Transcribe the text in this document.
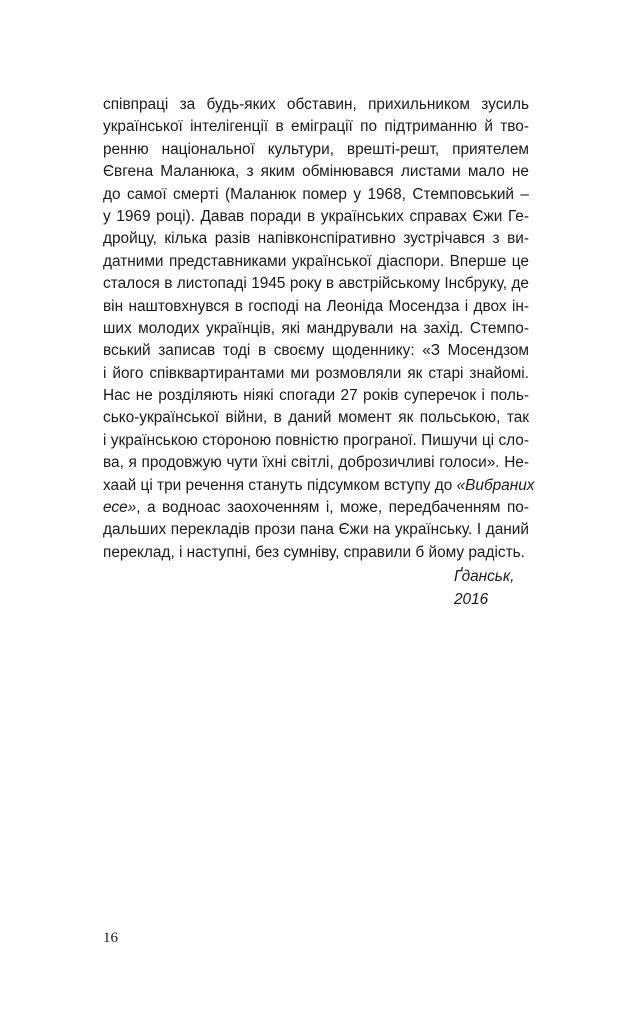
співпраці за будь-яких обставин, прихильником зусиль
української інтелігенції в еміграції по підтриманню й тво-
ренню національної культури, врешті-решт, приятелем
Євгена Маланюка, з яким обмінювався листами мало не
до самої смерті (Маланюк помер у 1968, Стемповський –
у 1969 році). Давав поради в українських справах Єжи Ге-
дройцу, кілька разів напівконспіративно зустрічався з ви-
датними представниками української діаспори. Вперше це
сталося в листопаді 1945 року в австрійському Інсбруку, де
він наштовхнувся в господі на Леоніда Мосендза і двох ін-
ших молодих українців, які мандрували на захід. Стемпо-
вський записав тоді в своєму щоденнику: «З Мосендзом
і його співквартирантами ми розмовляли як старі знайомі.
Нас не розділяють ніякі спогади 27 років суперечок і поль-
сько-української війни, в даний момент як польською, так
і українською стороною повністю програної. Пишучи ці сло-
ва, я продовжую чути їхні світлі, доброзичливі голоси». Не-
хаай ці три речення стануть підсумком вступу до «Вибраних
есе», а водноас заохоченням і, може, передбаченням по-
дальших перекладів прози пана Єжи на українську. І даний
переклад, і наступні, без сумніву, справили б йому радість.
Ґданськ,
2016
16
